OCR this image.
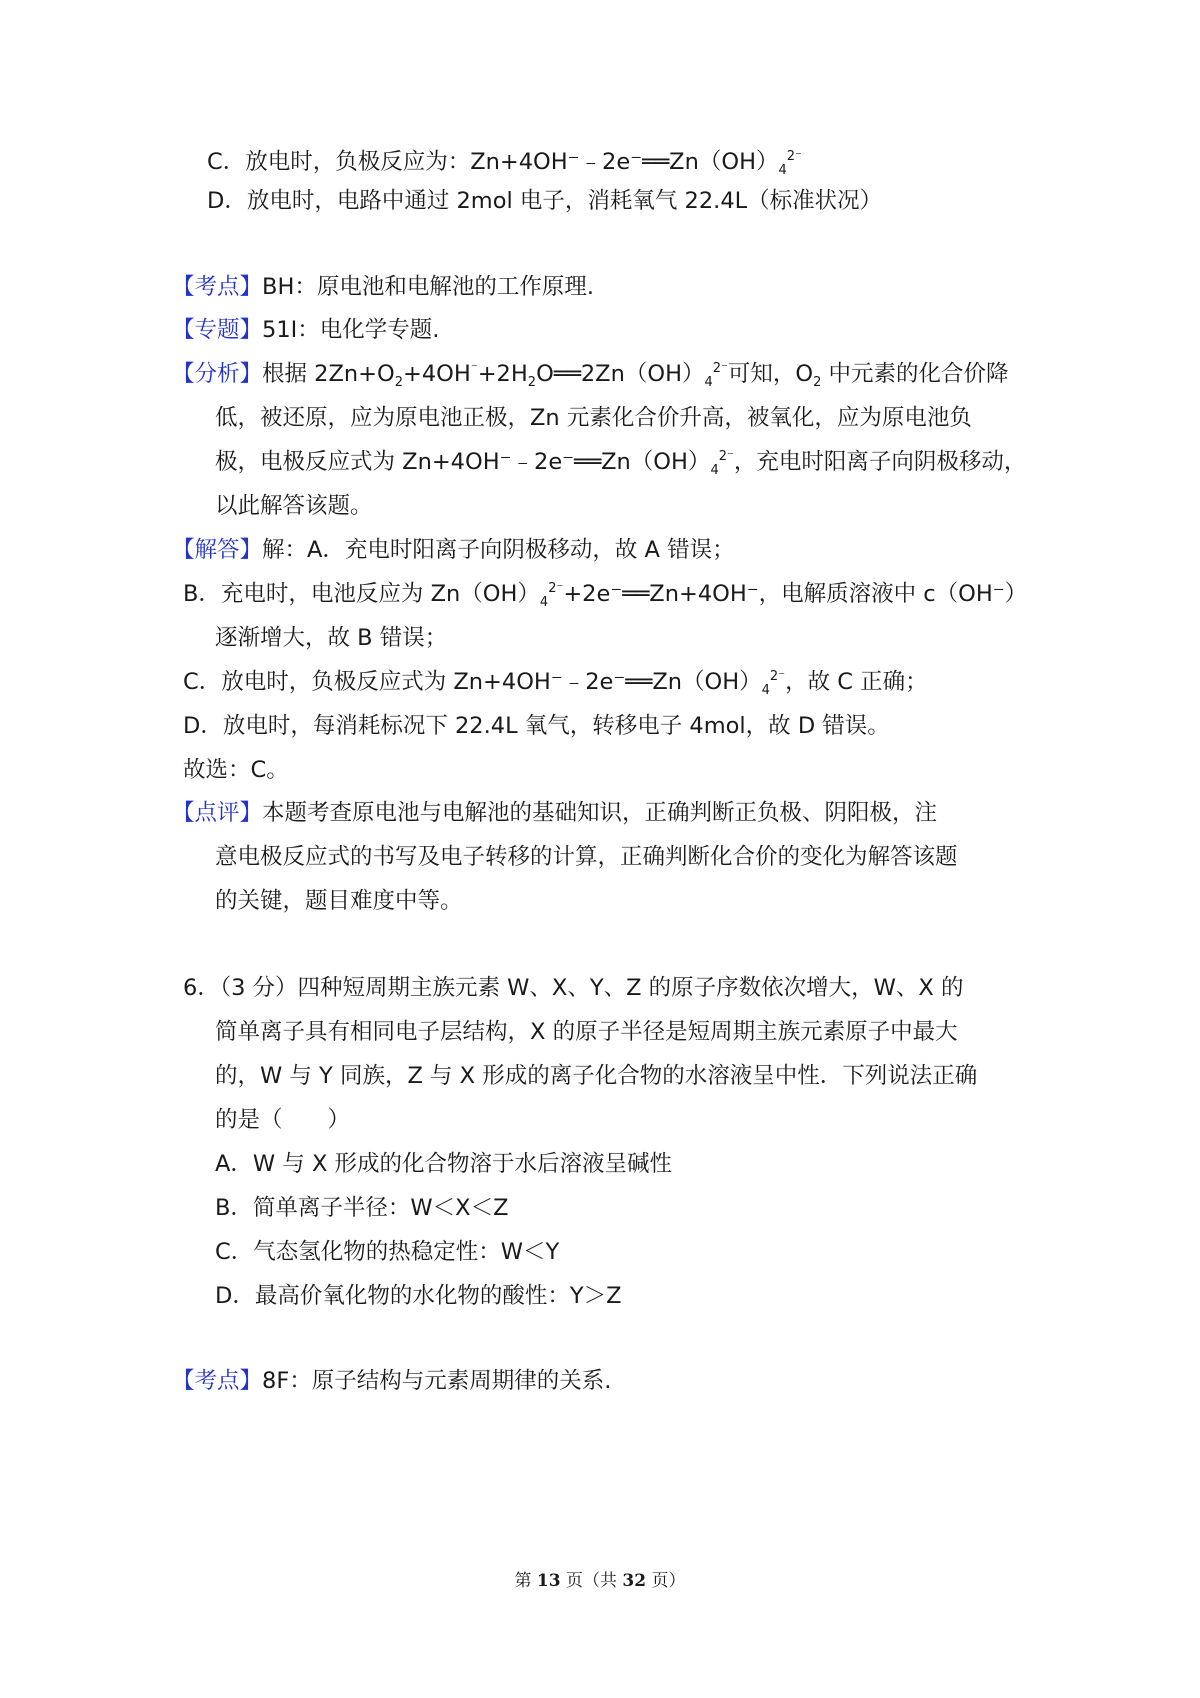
C．放电时，负极反应为：$Zn+4OH^-﹣2e^-══Zn(OH)_4^{2^-}$
D．放电时，电路中通过 2mol 电子，消耗氧气 22.4L（标准状况）
【考点】BH：原电池和电解池的工作原理.
【专题】51I：电化学专题.
【分析】根据 $2Zn+O_2+4OH^{^-}+2H_2O══2Zn(OH)_4^{2^-}$可知，$O_2$ 中元素的化合价降
低，被还原，应为原电池正极，Zn 元素化合价升高，被氧化，应为原电池负
极，电极反应式为 $Zn+4OH^-﹣2e^-══Zn(OH)_4^{2^-}$，充电时阳离子向阴极移动，
以此解答该题。
【解答】解：A．充电时阳离子向阴极移动，故 A 错误；
B．充电时，电池反应为 $Zn(OH)_4^{2^-}+2e^-══Zn+4OH^-$，电解质溶液中 c（OH⁻）
逐渐增大，故 B 错误；
C．放电时，负极反应式为 $Zn+4OH^-﹣2e^-══Zn(OH)_4^{2^-}$，故 C 正确；
D．放电时，每消耗标况下 22.4L 氧气，转移电子 4mol，故 D 错误。
故选：C。
【点评】本题考查原电池与电解池的基础知识，正确判断正负极、阴阳极，注
意电极反应式的书写及电子转移的计算，正确判断化合价的变化为解答该题
的关键，题目难度中等。
6．（3 分）四种短周期主族元素 W、X、Y、Z 的原子序数依次增大，W、X 的
简单离子具有相同电子层结构，X 的原子半径是短周期主族元素原子中最大
的，W 与 Y 同族，Z 与 X 形成的离子化合物的水溶液呈中性．下列说法正确
的是（　　）
A．W 与 X 形成的化合物溶于水后溶液呈碱性
B．简单离子半径：W＜X＜Z
C．气态氢化物的热稳定性：W＜Y
D．最高价氧化物的水化物的酸性：Y＞Z
【考点】8F：原子结构与元素周期律的关系.
第 13 页（共 32 页）
